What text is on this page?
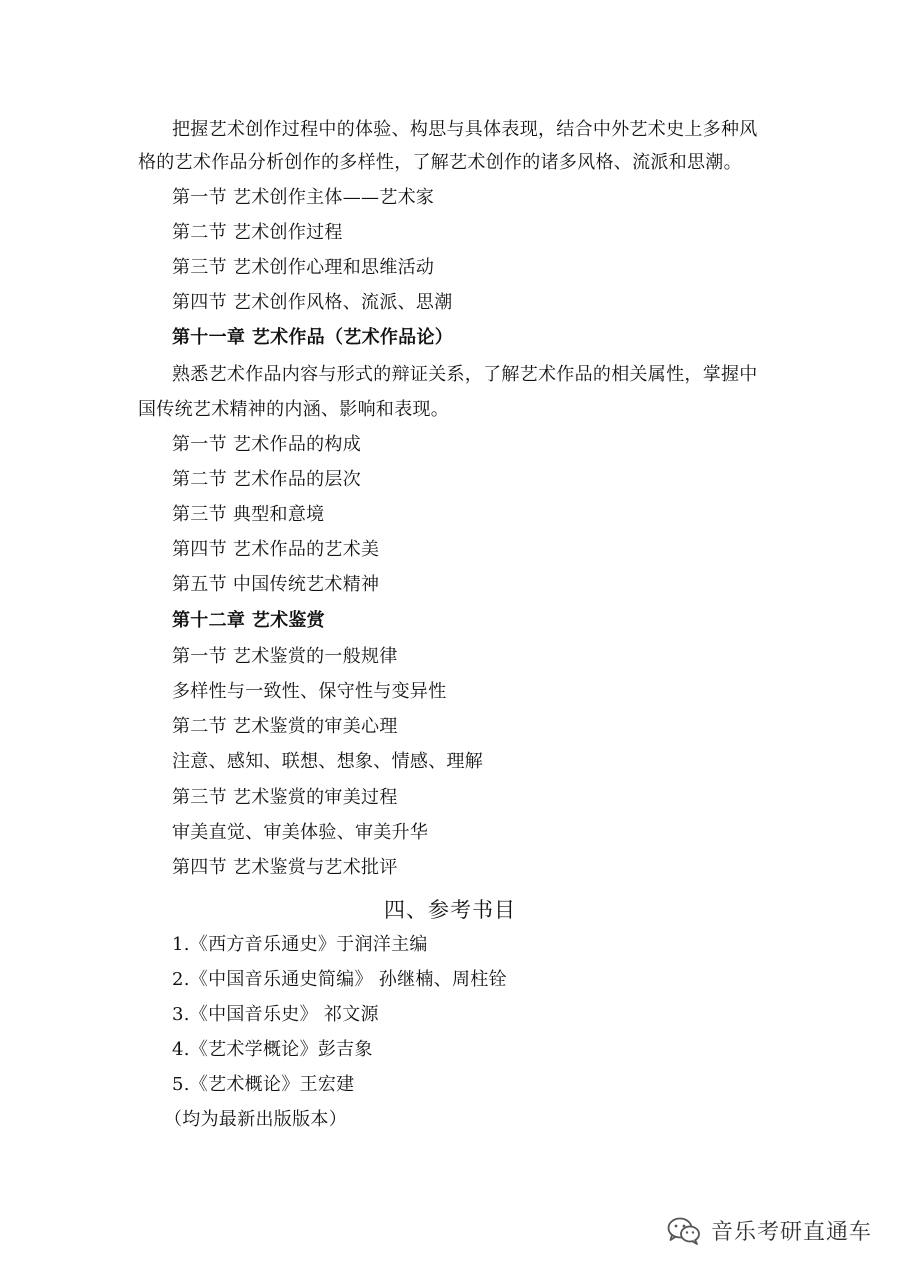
把握艺术创作过程中的体验、构思与具体表现，结合中外艺术史上多种风
格的艺术作品分析创作的多样性，了解艺术创作的诸多风格、流派和思潮。
第一节 艺术创作主体——艺术家
第二节 艺术创作过程
第三节 艺术创作心理和思维活动
第四节 艺术创作风格、流派、思潮
第十一章 艺术作品（艺术作品论）
熟悉艺术作品内容与形式的辩证关系，了解艺术作品的相关属性，掌握中
国传统艺术精神的内涵、影响和表现。
第一节 艺术作品的构成
第二节 艺术作品的层次
第三节 典型和意境
第四节 艺术作品的艺术美
第五节 中国传统艺术精神
第十二章 艺术鉴赏
第一节 艺术鉴赏的一般规律
多样性与一致性、保守性与变异性
第二节 艺术鉴赏的审美心理
注意、感知、联想、想象、情感、理解
第三节 艺术鉴赏的审美过程
审美直觉、审美体验、审美升华
第四节 艺术鉴赏与艺术批评
四、参考书目
1.《西方音乐通史》于润洋主编
2.《中国音乐通史简编》 孙继楠、周柱铨
3.《中国音乐史》 祁文源
4.《艺术学概论》彭吉象
5.《艺术概论》王宏建
（均为最新出版版本）
音乐考研直通车
